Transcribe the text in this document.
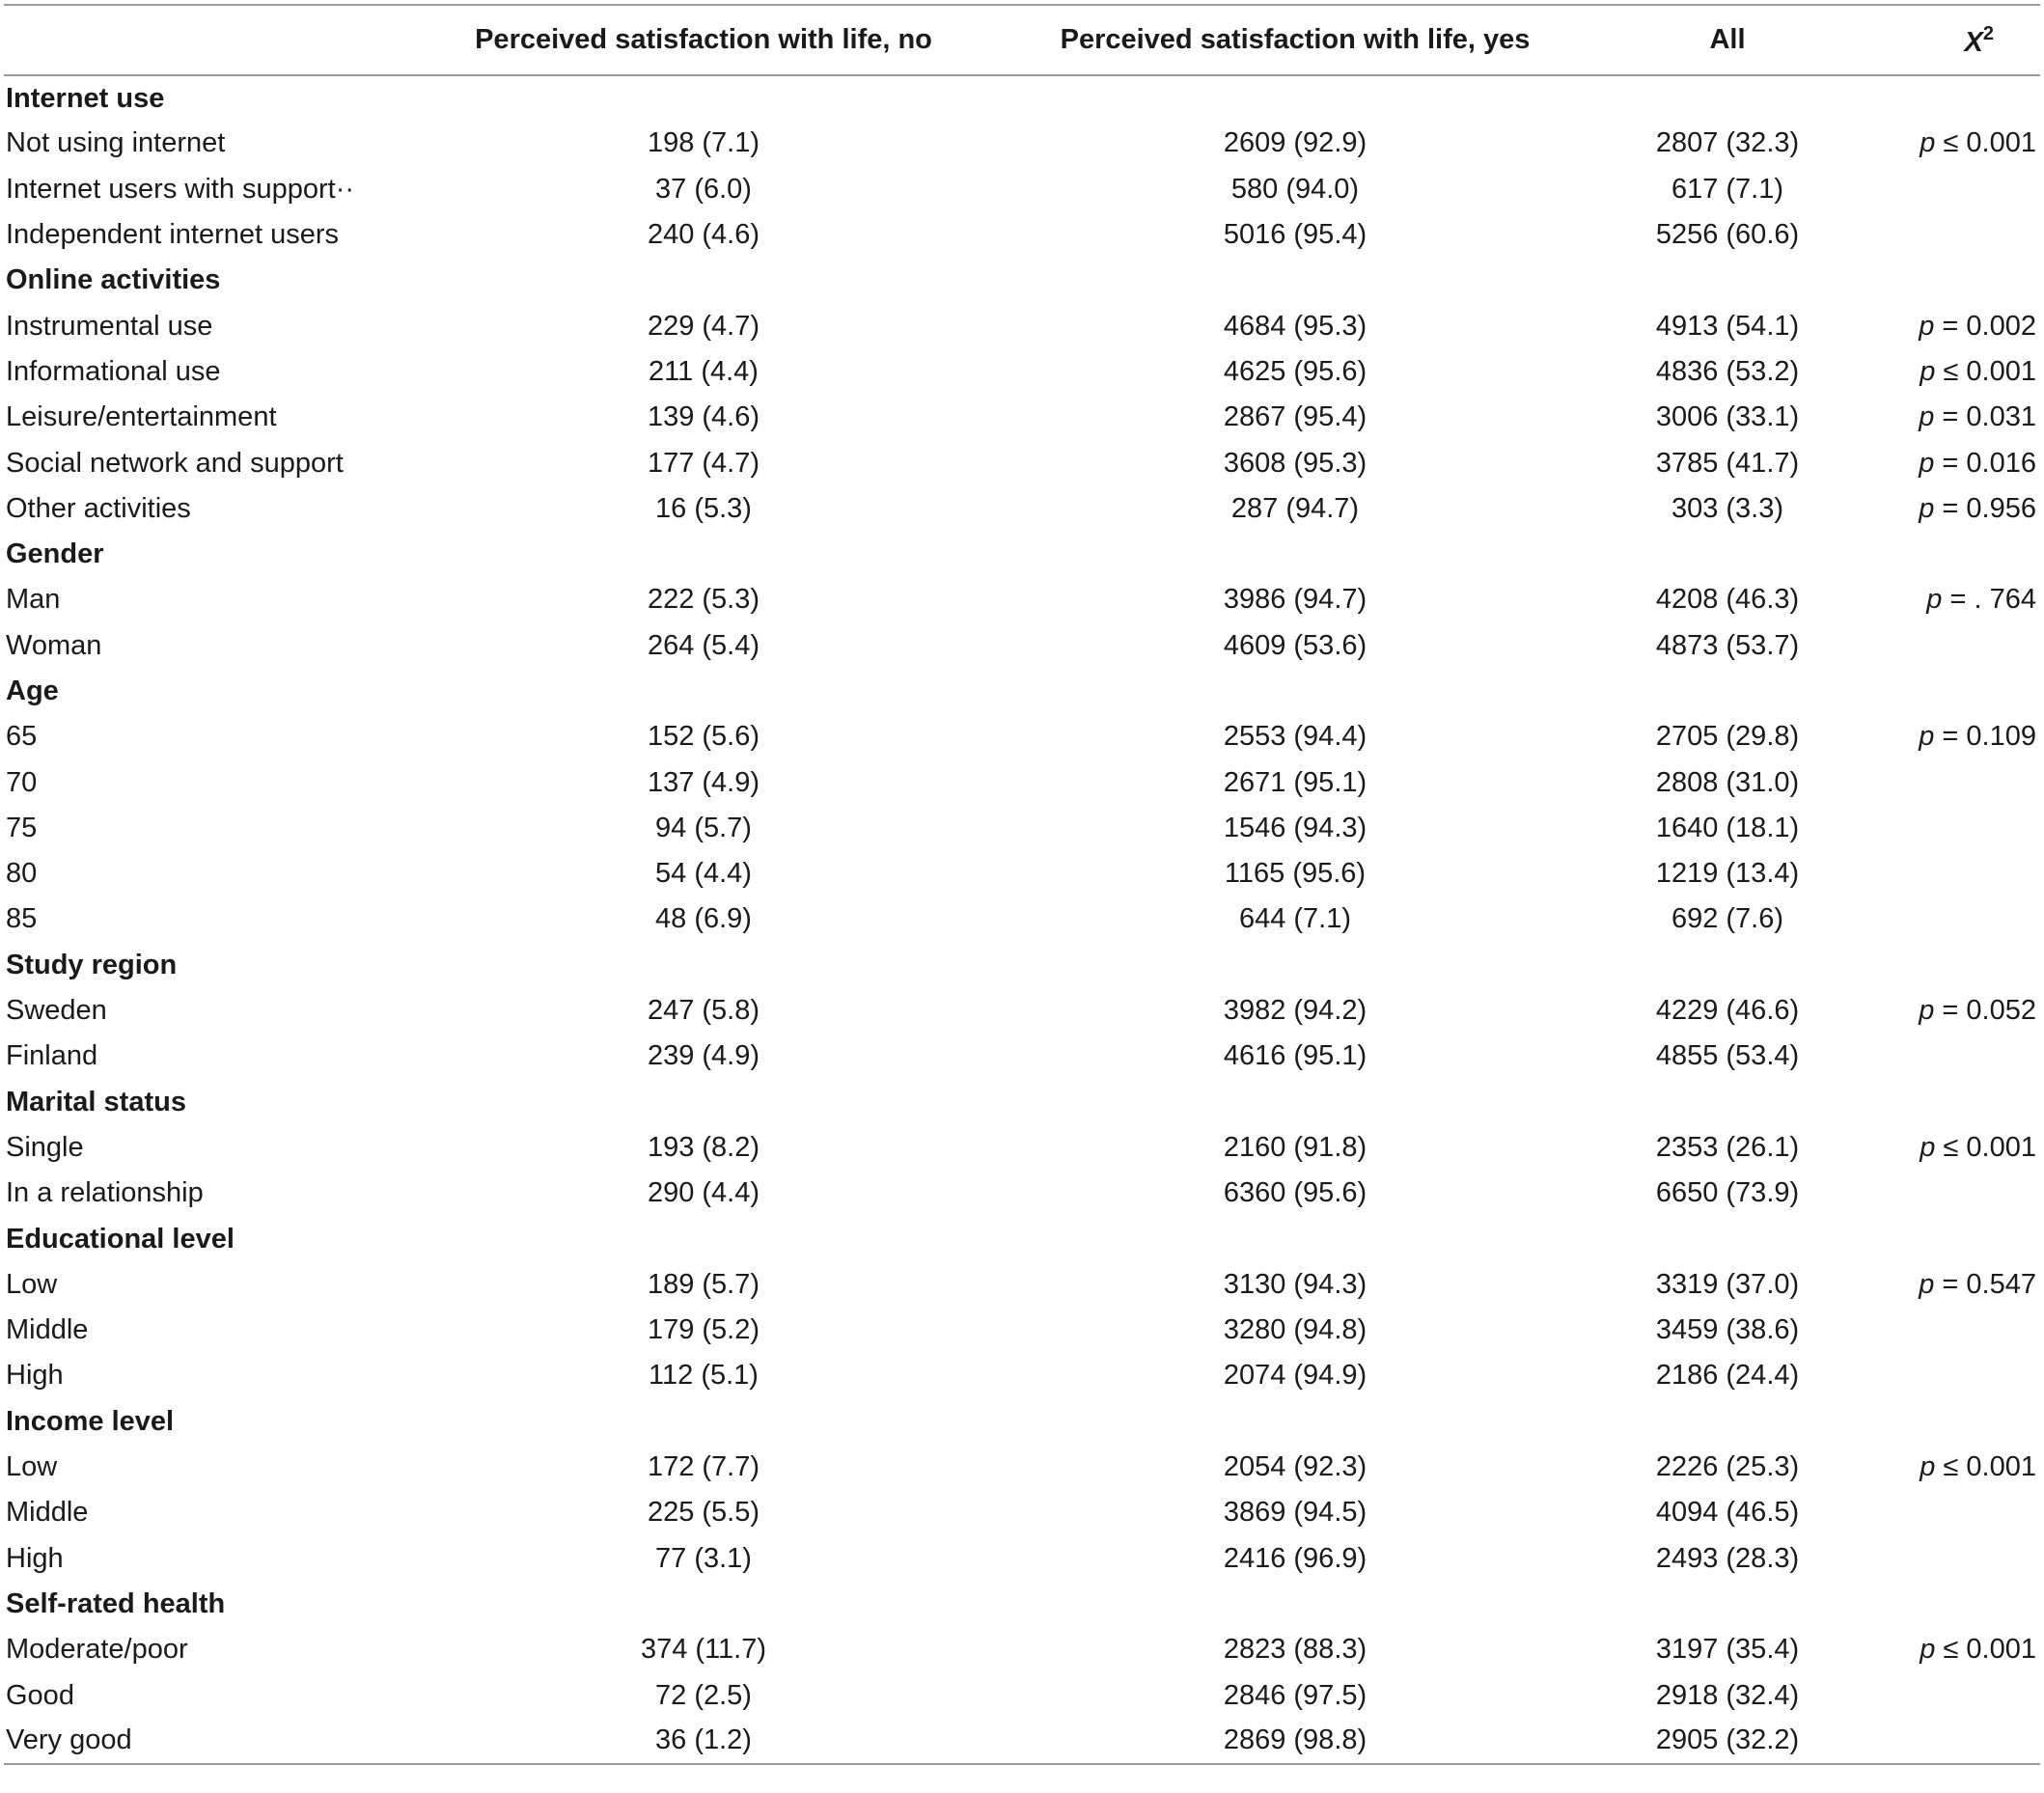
	Perceived satisfaction with life, no	Perceived satisfaction with life, yes	All	$X^2$
Internet use				
Not using internet	198 (7.1)	2609 (92.9)	2807 (32.3)	p ≤ 0.001
Internet users with support··	37 (6.0)	580 (94.0)	617 (7.1)	
Independent internet users	240 (4.6)	5016 (95.4)	5256 (60.6)	
Online activities				
Instrumental use	229 (4.7)	4684 (95.3)	4913 (54.1)	p = 0.002
Informational use	211 (4.4)	4625 (95.6)	4836 (53.2)	p ≤ 0.001
Leisure/entertainment	139 (4.6)	2867 (95.4)	3006 (33.1)	p = 0.031
Social network and support	177 (4.7)	3608 (95.3)	3785 (41.7)	p = 0.016
Other activities	16 (5.3)	287 (94.7)	303 (3.3)	p = 0.956
Gender				
Man	222 (5.3)	3986 (94.7)	4208 (46.3)	p = . 764
Woman	264 (5.4)	4609 (53.6)	4873 (53.7)	
Age				
65	152 (5.6)	2553 (94.4)	2705 (29.8)	p = 0.109
70	137 (4.9)	2671 (95.1)	2808 (31.0)	
75	94 (5.7)	1546 (94.3)	1640 (18.1)	
80	54 (4.4)	1165 (95.6)	1219 (13.4)	
85	48 (6.9)	644 (7.1)	692 (7.6)	
Study region				
Sweden	247 (5.8)	3982 (94.2)	4229 (46.6)	p = 0.052
Finland	239 (4.9)	4616 (95.1)	4855 (53.4)	
Marital status				
Single	193 (8.2)	2160 (91.8)	2353 (26.1)	p ≤ 0.001
In a relationship	290 (4.4)	6360 (95.6)	6650 (73.9)	
Educational level				
Low	189 (5.7)	3130 (94.3)	3319 (37.0)	p = 0.547
Middle	179 (5.2)	3280 (94.8)	3459 (38.6)	
High	112 (5.1)	2074 (94.9)	2186 (24.4)	
Income level				
Low	172 (7.7)	2054 (92.3)	2226 (25.3)	p ≤ 0.001
Middle	225 (5.5)	3869 (94.5)	4094 (46.5)	
High	77 (3.1)	2416 (96.9)	2493 (28.3)	
Self-rated health				
Moderate/poor	374 (11.7)	2823 (88.3)	3197 (35.4)	p ≤ 0.001
Good	72 (2.5)	2846 (97.5)	2918 (32.4)	
Very good	36 (1.2)	2869 (98.8)	2905 (32.2)	
